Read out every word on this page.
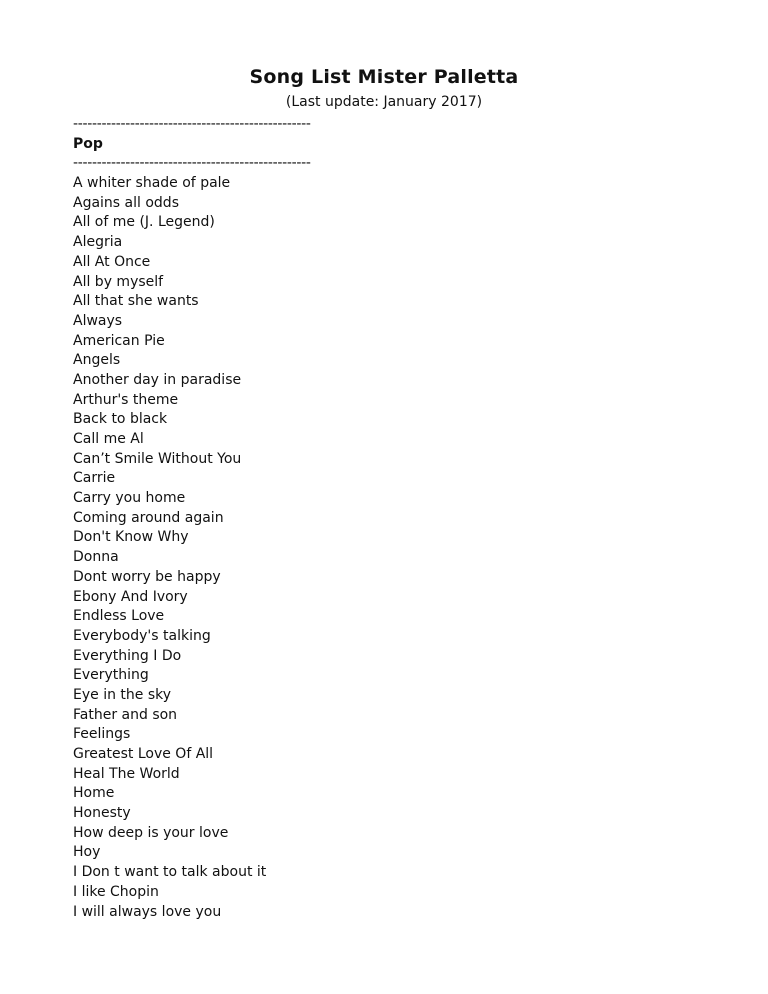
Song List Mister Palletta

(Last update: January 2017)

--------------------------------------------------
Pop
--------------------------------------------------
A whiter shade of pale
Agains all odds
All of me (J. Legend)
Alegria
All At Once
All by myself
All that she wants
Always
American Pie
Angels
Another day in paradise
Arthur's theme
Back to black
Call me Al
Can’t Smile Without You
Carrie
Carry you home
Coming around again
Don't Know Why
Donna
Dont worry be happy
Ebony And Ivory
Endless Love
Everybody's talking
Everything I Do
Everything
Eye in the sky
Father and son
Feelings
Greatest Love Of All
Heal The World
Home
Honesty
How deep is your love
Hoy
I Don t want to talk about it
I like Chopin
I will always love you
